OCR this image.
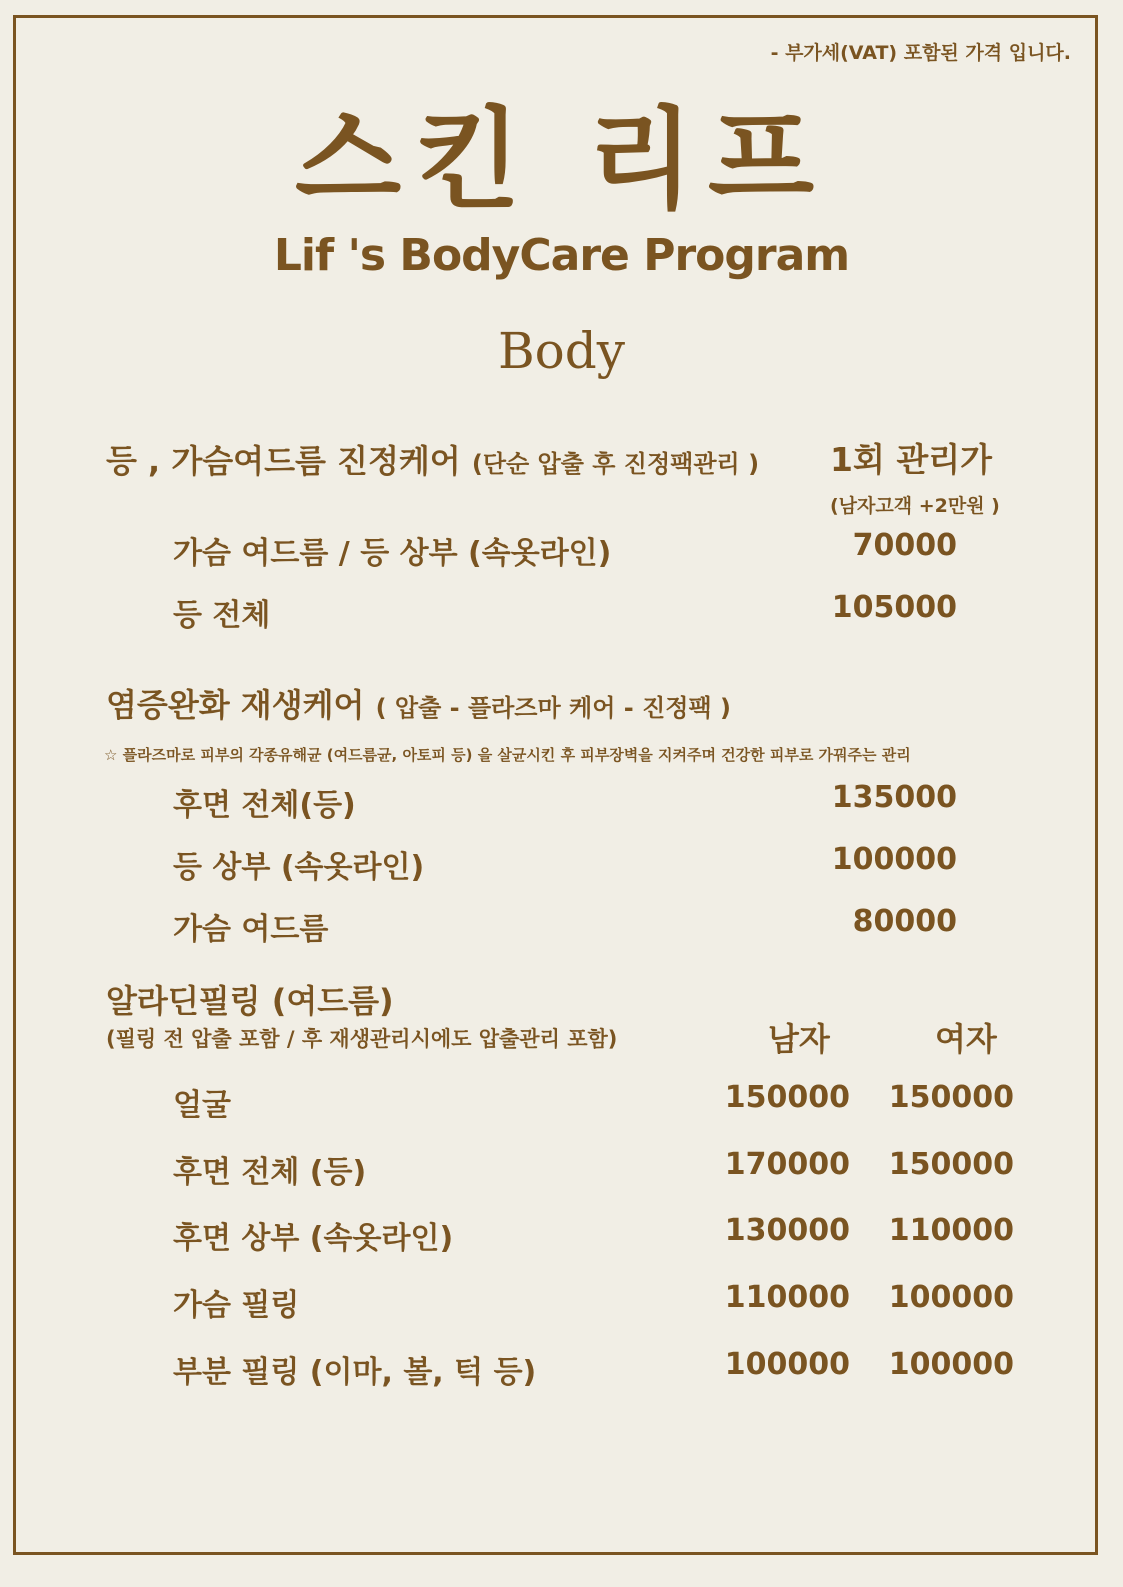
- 부가세(VAT) 포함된 가격 입니다.
스킨 리프
Lif 's BodyCare Program
Body
등 , 가슴여드름 진정케어 (단순 압출 후 진정팩관리 ) 1회 관리가
(남자고객 +2만원 )
가슴 여드름 / 등 상부 (속옷라인)	70000
등 전체	105000
염증완화 재생케어 ( 압출 - 플라즈마 케어 - 진정팩 )
☆ 플라즈마로 피부의 각종유해균 (여드름균, 아토피 등) 을 살균시킨 후 피부장벽을 지켜주며 건강한 피부로 가꿔주는 관리
후면 전체(등)	135000
등 상부 (속옷라인)	100000
가슴 여드름	80000
알라딘필링 (여드름)
(필링 전 압출 포함 / 후 재생관리시에도 압출관리 포함)	남자	여자
얼굴	150000	150000
후면 전체 (등)	170000	150000
후면 상부 (속옷라인)	130000	110000
가슴 필링	110000	100000
부분 필링 (이마, 볼, 턱 등)	100000	100000
